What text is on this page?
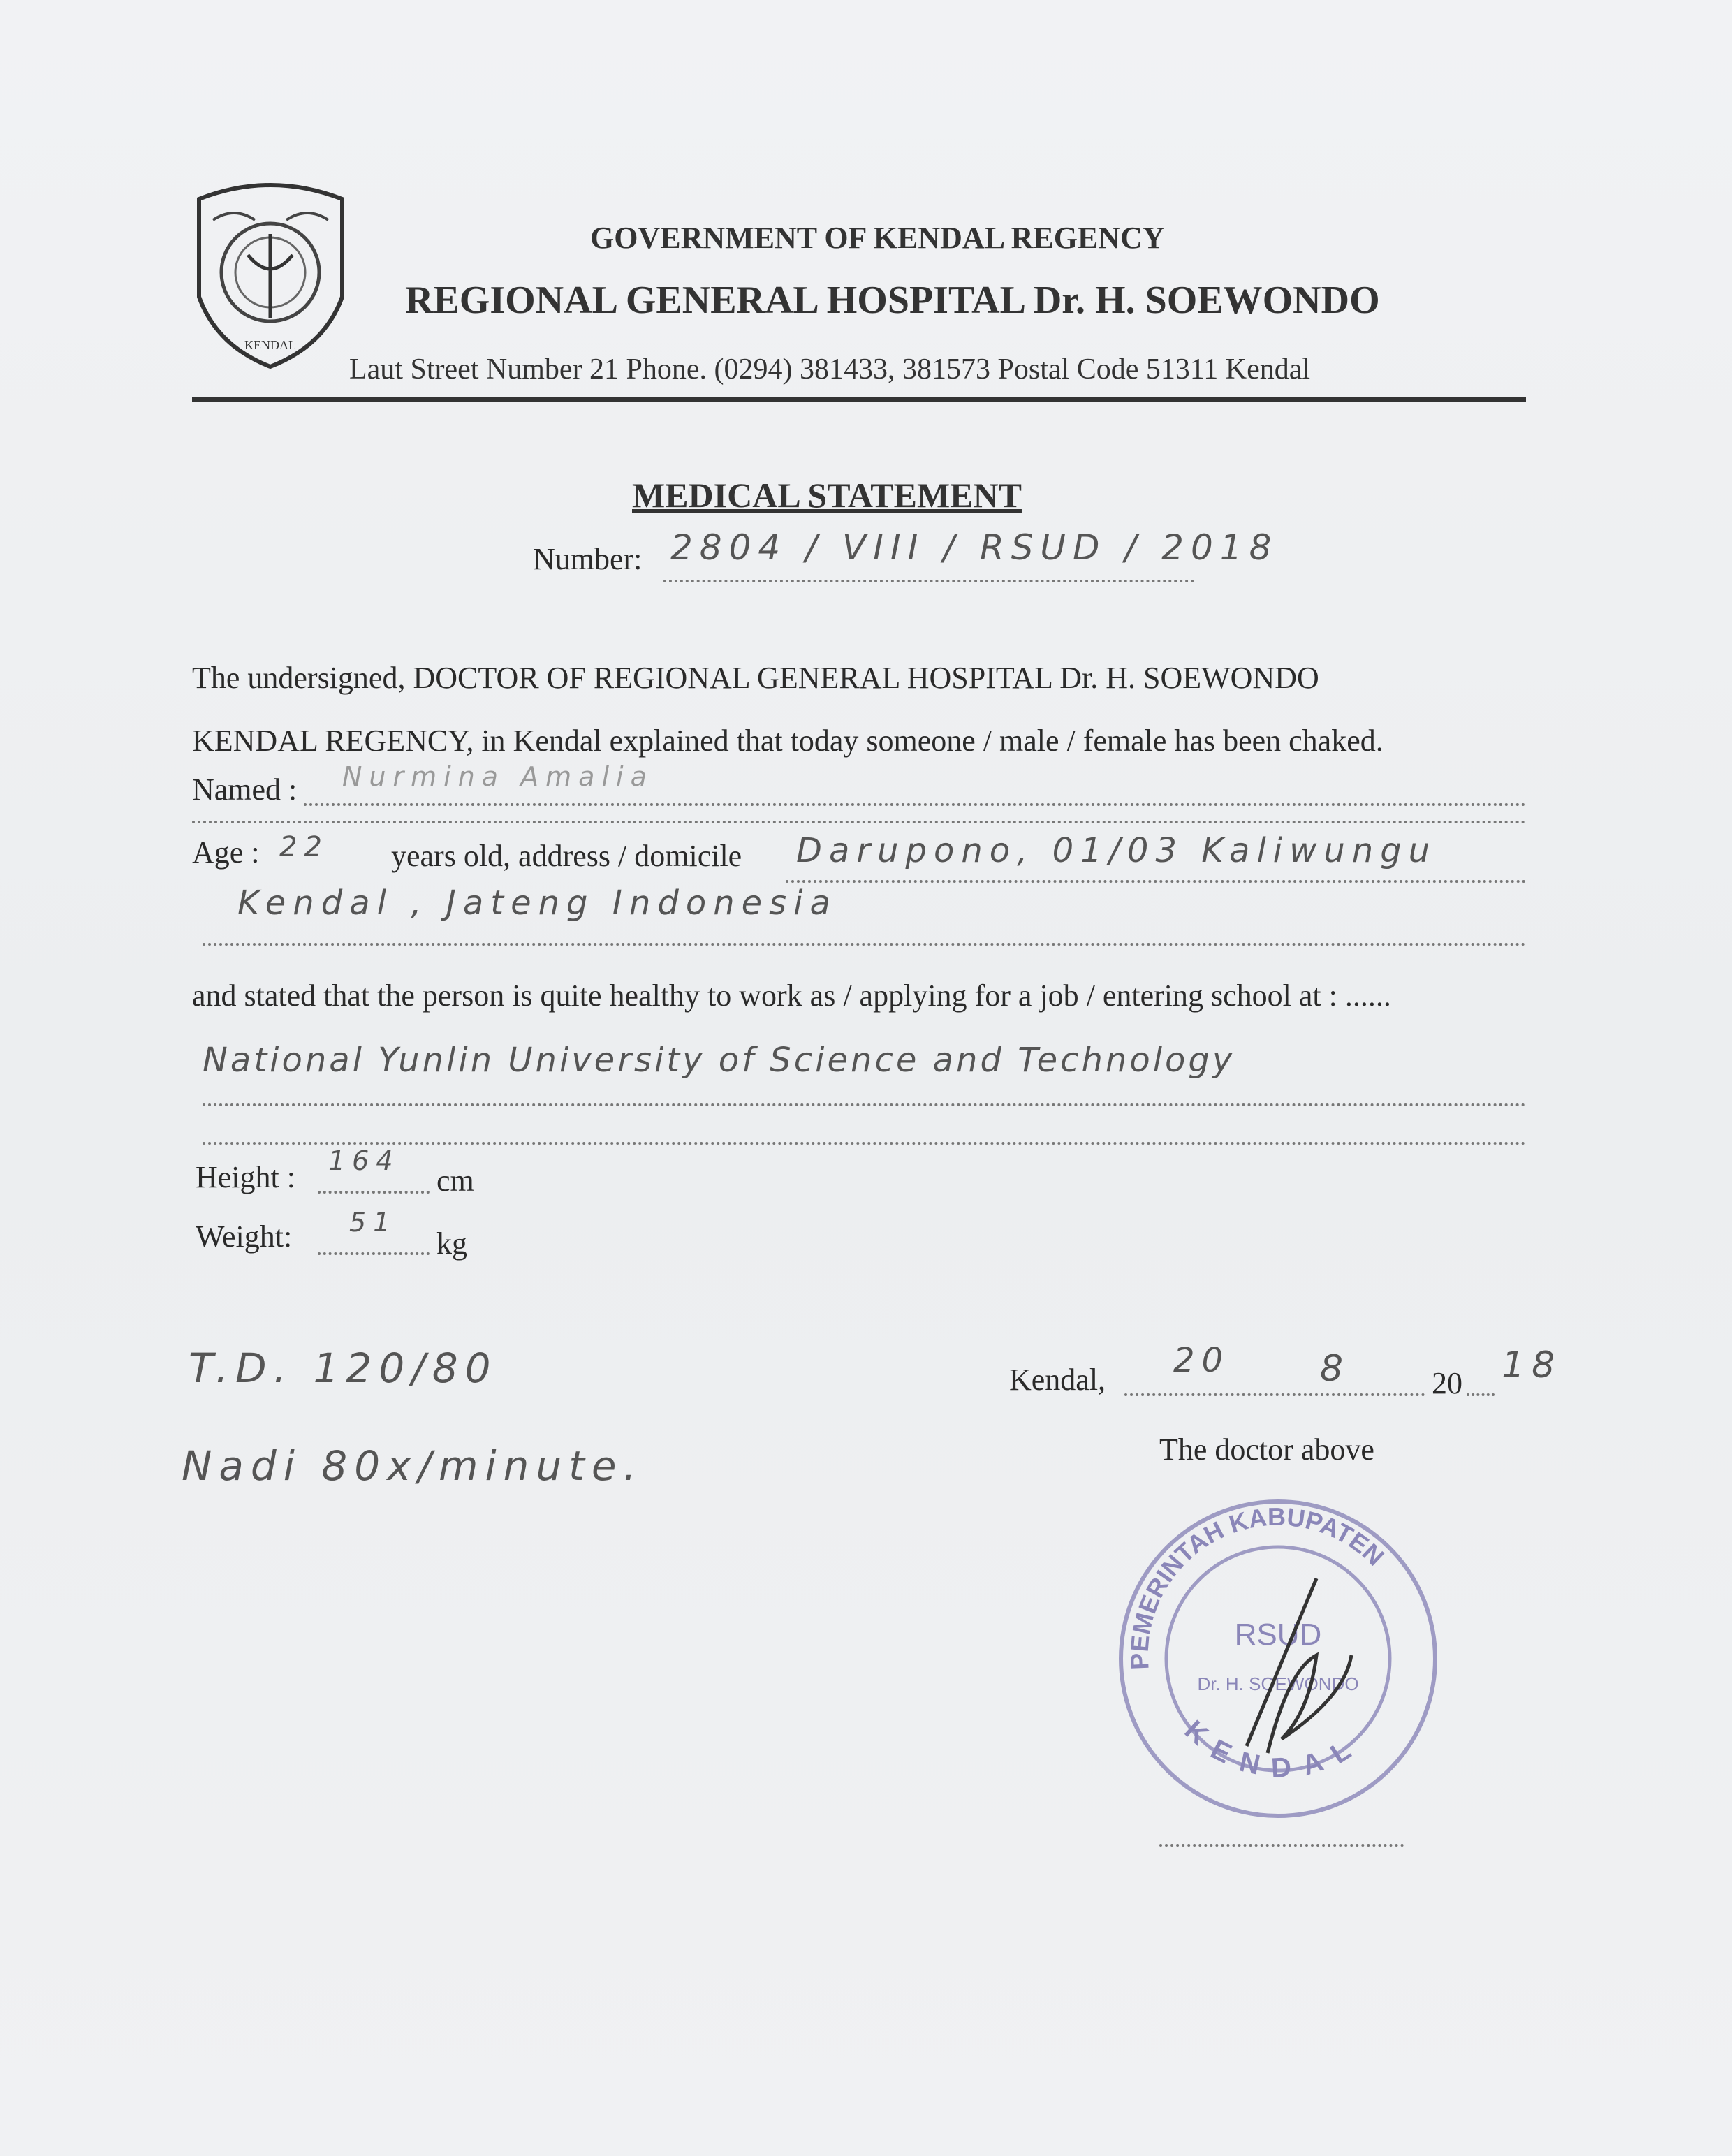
KENDAL
GOVERNMENT OF KENDAL REGENCY
REGIONAL GENERAL HOSPITAL Dr. H. SOEWONDO
Laut Street Number 21 Phone. (0294) 381433, 381573 Postal Code 51311 Kendal
MEDICAL STATEMENT
Number: 2804 / VIII / RSUD / 2018
The undersigned, DOCTOR OF REGIONAL GENERAL HOSPITAL Dr. H. SOEWONDO
KENDAL REGENCY, in Kendal explained that today someone / male / female has been chaked.
Named : Nurmina Amalia
Age : 22 years old, address / domicile Darupono, 01/03 Kaliwungu
Kendal , Jateng Indonesia
and stated that the person is quite healthy to work as / applying for a job / entering school at : ......
National Yunlin University of Science and Technology
Height : 164
cm
Weight: 51
kg
T.D. 120/80
Nadi 80x/minute.
PEMERINTAH KABUPATEN
KENDAL
RSUD
Dr. H. SOEWONDO
Kendal, 20 8	20 18
The doctor above
